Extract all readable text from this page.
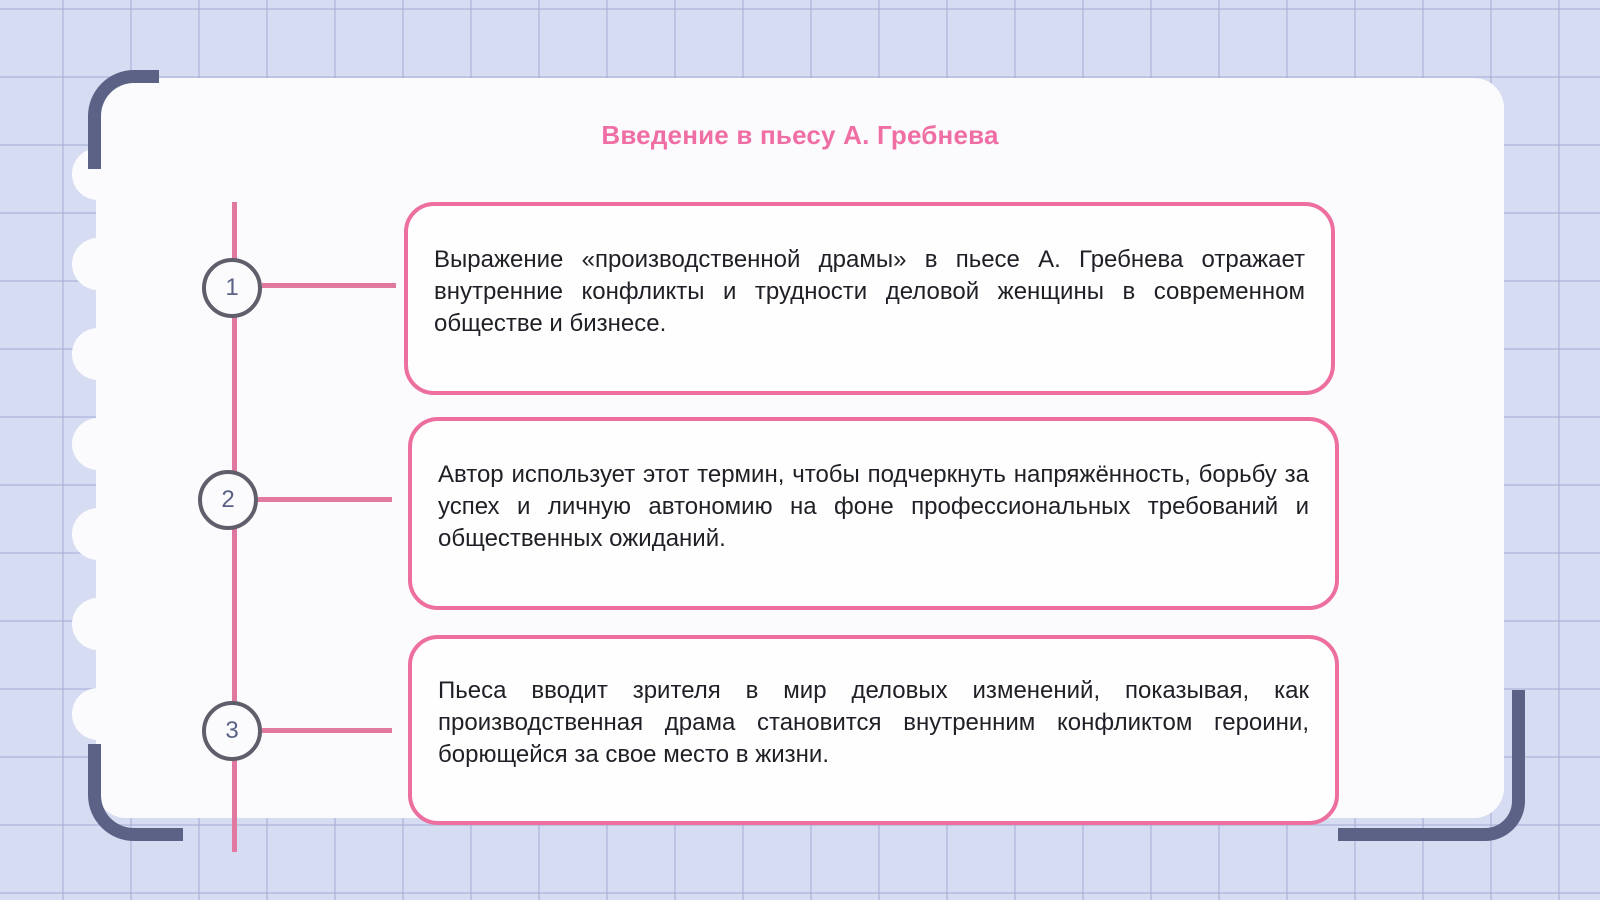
Введение в пьесу А. Гребнева
1
2
3
Выражение «производственной драмы» в пьесе А. Гребнева отражает внутренние конфликты и трудности деловой женщины в современном обществе и бизнесе.
Автор использует этот термин, чтобы подчеркнуть напряжённость, борьбу за успех и личную автономию на фоне профессиональных требований и общественных ожиданий.
Пьеса вводит зрителя в мир деловых изменений, показывая, как производственная драма становится внутренним конфликтом героини, борющейся за свое место в жизни.
